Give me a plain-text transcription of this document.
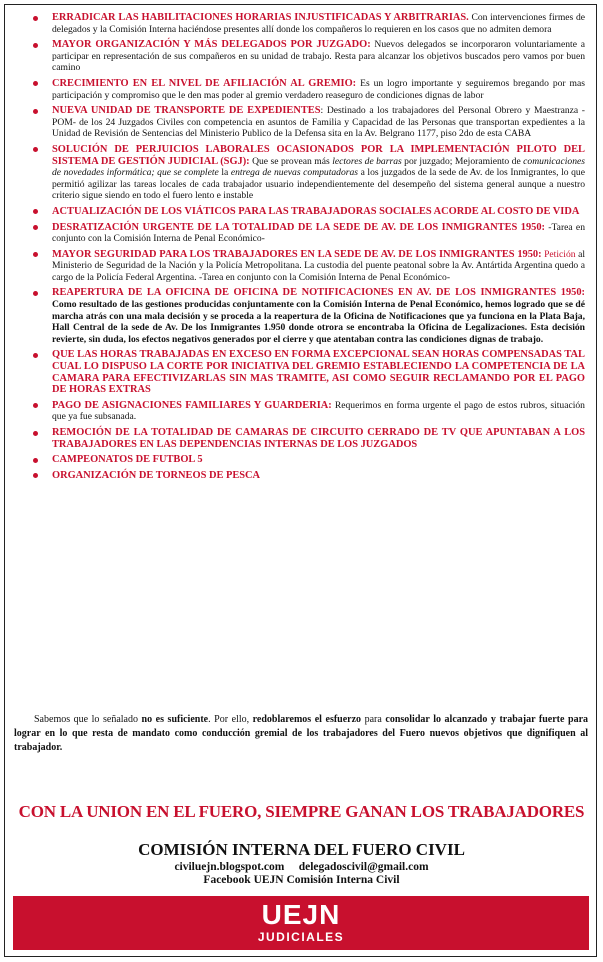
ERRADICAR LAS HABILITACIONES HORARIAS INJUSTIFICADAS Y ARBITRARIAS. Con intervenciones firmes de delegados y la Comisión Interna haciéndose presentes allí donde los compañeros lo requieren en los casos que no admiten demora
MAYOR ORGANIZACIÓN Y MÁS DELEGADOS POR JUZGADO: Nuevos delegados se incorporaron voluntariamente a participar en representación de sus compañeros en su unidad de trabajo. Resta para alcanzar los objetivos buscados pero vamos por buen camino
CRECIMIENTO EN EL NIVEL DE AFILIACIÓN AL GREMIO: Es un logro importante y seguiremos bregando por mas participación y compromiso que le den mas poder al gremio verdadero reaseguro de condiciones dignas de labor
NUEVA UNIDAD DE TRANSPORTE DE EXPEDIENTES: Destinado a los trabajadores del Personal Obrero y Maestranza -POM- de los 24 Juzgados Civiles con competencia en asuntos de Familia y Capacidad de las Personas que transportan expedientes a la Unidad de Revisión de Sentencias del Ministerio Publico de la Defensa sita en la Av. Belgrano 1177, piso 2do de esta CABA
SOLUCIÓN DE PERJUICIOS LABORALES OCASIONADOS POR LA IMPLEMENTACIÓN PILOTO DEL SISTEMA DE GESTIÓN JUDICIAL (SGJ): Que se provean más lectores de barras por juzgado; Mejoramiento de comunicaciones de novedades informática; que se complete la entrega de nuevas computadoras a los juzgados de la sede de Av. de los Inmigrantes, lo que permitió agilizar las tareas locales de cada trabajador usuario independientemente del desempeño del sistema general aunque a nuestro criterio sigue siendo en todo el fuero lento e instable
ACTUALIZACIÓN DE LOS VIÁTICOS PARA LAS TRABAJADORAS SOCIALES ACORDE AL COSTO DE VIDA
DESRATIZACIÓN URGENTE DE LA TOTALIDAD DE LA SEDE DE AV. DE LOS INMIGRANTES 1950: -Tarea en conjunto con la Comisión Interna de Penal Económico-
MAYOR SEGURIDAD PARA LOS TRABAJADORES EN LA SEDE DE AV. DE LOS INMIGRANTES 1950: Petición al Ministerio de Seguridad de la Nación y la Policía Metropolitana. La custodia del puente peatonal sobre la Av. Antártida Argentina quedo a cargo de la Policía Federal Argentina. -Tarea en conjunto con la Comisión Interna de Penal Económico-
REAPERTURA DE LA OFICINA DE OFICINA DE NOTIFICACIONES EN AV. DE LOS INMIGRANTES 1950: Como resultado de las gestiones producidas conjuntamente con la Comisión Interna de Penal Económico, hemos logrado que se dé marcha atrás con una mala decisión y se proceda a la reapertura de la Oficina de Notificaciones que ya funciona en la Plata Baja, Hall Central de la sede de Av. De los Inmigrantes 1.950 donde otrora se encontraba la Oficina de Legalizaciones. Esta decisión revierte, sin duda, los efectos negativos generados por el cierre y que atentaban contra las condiciones dignas de trabajo.
QUE LAS HORAS TRABAJADAS EN EXCESO EN FORMA EXCEPCIONAL SEAN HORAS COMPENSADAS TAL CUAL LO DISPUSO LA CORTE POR INICIATIVA DEL GREMIO ESTABLECIENDO LA COMPETENCIA DE LA CAMARA PARA EFECTIVIZARLAS SIN MAS TRAMITE, ASI COMO SEGUIR RECLAMANDO POR EL PAGO DE HORAS EXTRAS
PAGO DE ASIGNACIONES FAMILIARES Y GUARDERIA: Requerimos en forma urgente el pago de estos rubros, situación que ya fue subsanada.
REMOCIÓN DE LA TOTALIDAD DE CAMARAS DE CIRCUITO CERRADO DE TV QUE APUNTABAN A LOS TRABAJADORES EN LAS DEPENDENCIAS INTERNAS DE LOS JUZGADOS
CAMPEONATOS DE FUTBOL 5
ORGANIZACIÓN DE TORNEOS DE PESCA
Sabemos que lo señalado no es suficiente. Por ello, redoblaremos el esfuerzo para consolidar lo alcanzado y trabajar fuerte para lograr en lo que resta de mandato como conducción gremial de los trabajadores del Fuero nuevos objetivos que dignifiquen al trabajador.
CON LA UNION EN EL FUERO, SIEMPRE GANAN LOS TRABAJADORES
COMISIÓN INTERNA DEL FUERO CIVIL
civiluejn.blogspot.com delegadoscivil@gmail.com
Facebook UEJN Comisión Interna Civil
UEJN
JUDICIALES
